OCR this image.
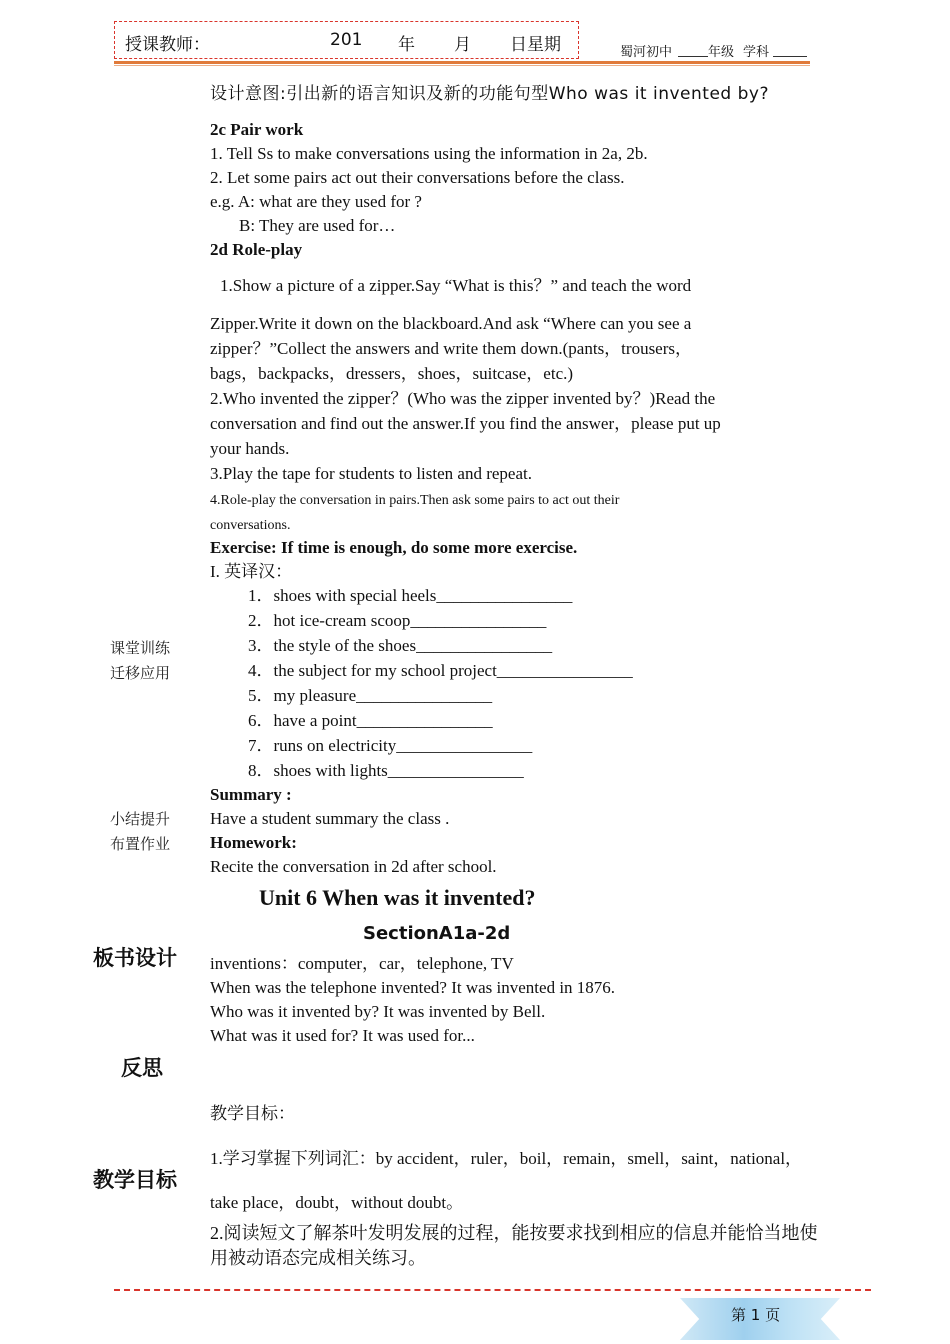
授课教师：	201 年 月 日星期	蜀河初中	年级 学科
设计意图:引出新的语言知识及新的功能句型Who was it invented by?
2c Pair work
1. Tell Ss to make conversations using the information in 2a, 2b.
2. Let some pairs act out their conversations before the class.
e.g. A: what are they used for ?
B: They are used for…
2d Role-play
1.Show a picture of a zipper.Say “What is this？” and teach the word
Zipper.Write it down on the blackboard.And ask “Where can you see a
zipper？”Collect the answers and write them down.(pants，trousers，
bags，backpacks，dressers，shoes，suitcase，etc.)
2.Who invented the zipper？(Who was the zipper invented by？)Read the
conversation and find out the answer.If you find the answer，please put up
your hands.
3.Play the tape for students to listen and repeat.
4.Role-play the conversation in pairs.Then ask some pairs to act out their
conversations.
Exercise: If time is enough, do some more exercise.
I. 英译汉：
1．shoes with special heels________________
2．hot ice-cream scoop________________
3．the style of the shoes________________
4．the subject for my school project________________
5．my pleasure________________
6．have a point________________
7．runs on electricity________________
8．shoes with lights________________
Summary :
Have a student summary the class .
Homework:
Recite the conversation in 2d after school.
Unit 6 When was it invented?
SectionA1a-2d
inventions：computer，car，telephone, TV
When was the telephone invented? It was invented in 1876.
Who was it invented by? It was invented by Bell.
What was it used for? It was used for...
教学目标：
1.学习掌握下列词汇：by accident，ruler，boil，remain，smell，saint，national，
take place，doubt，without doubt。
2.阅读短文了解茶叶发明发展的过程，能按要求找到相应的信息并能恰当地使
用被动语态完成相关练习。
课堂训练
迁移应用
小结提升
布置作业
板书设计
反思
教学目标
第 1 页
